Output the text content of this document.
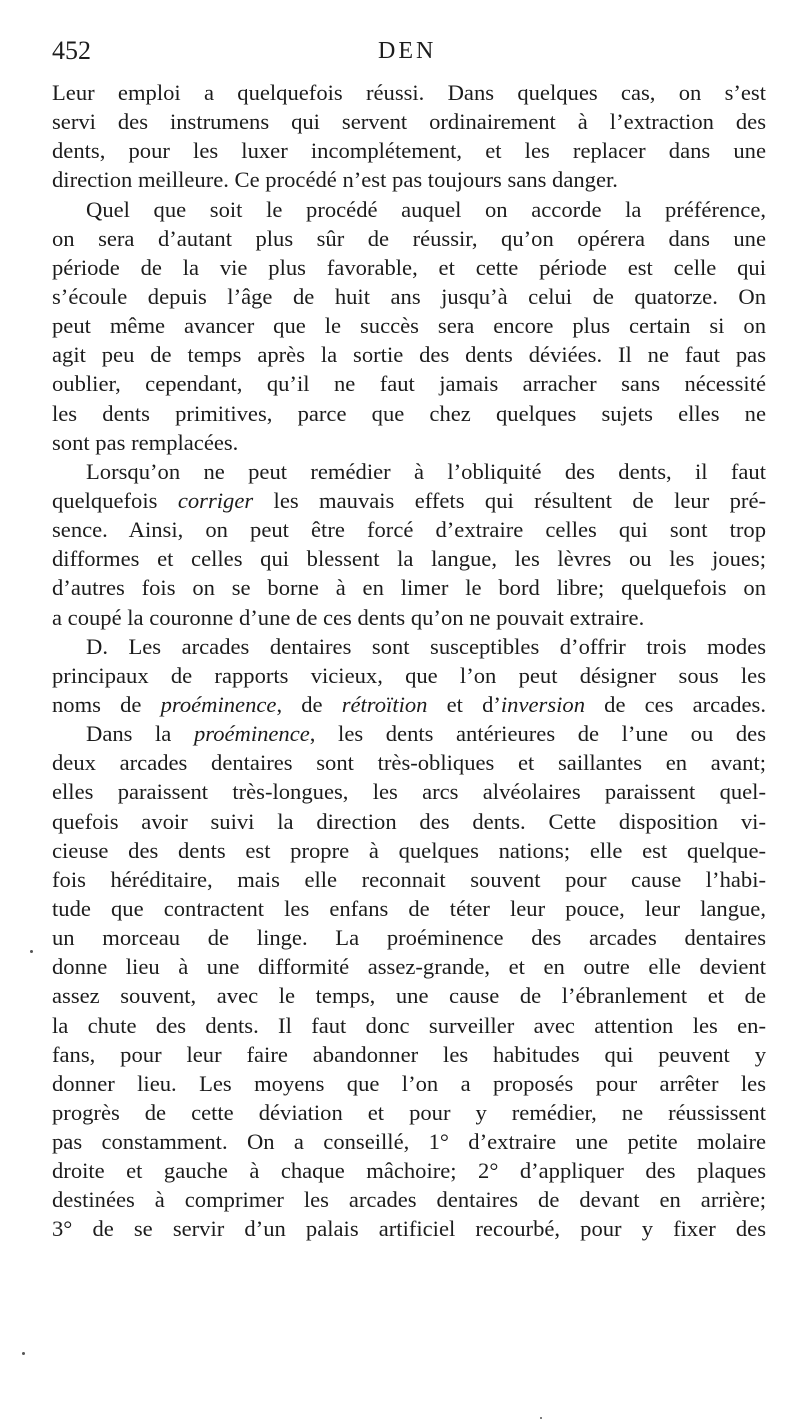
452	DEN
Leur emploi a quelquefois réussi. Dans quelques cas, on s’est
servi des instrumens qui servent ordinairement à l’extraction des
dents, pour les luxer incomplétement, et les replacer dans une
direction meilleure. Ce procédé n’est pas toujours sans danger.
Quel que soit le procédé auquel on accorde la préférence,
on sera d’autant plus sûr de réussir, qu’on opérera dans une
période de la vie plus favorable, et cette période est celle qui
s’écoule depuis l’âge de huit ans jusqu’à celui de quatorze. On
peut même avancer que le succès sera encore plus certain si on
agit peu de temps après la sortie des dents déviées. Il ne faut pas
oublier, cependant, qu’il ne faut jamais arracher sans nécessité
les dents primitives, parce que chez quelques sujets elles ne
sont pas remplacées.
Lorsqu’on ne peut remédier à l’obliquité des dents, il faut
quelquefois corriger les mauvais effets qui résultent de leur pré-
sence. Ainsi, on peut être forcé d’extraire celles qui sont trop
difformes et celles qui blessent la langue, les lèvres ou les joues;
d’autres fois on se borne à en limer le bord libre; quelquefois on
a coupé la couronne d’une de ces dents qu’on ne pouvait extraire.
D. Les arcades dentaires sont susceptibles d’offrir trois modes
principaux de rapports vicieux, que l’on peut désigner sous les
noms de proéminence, de rétroïtion et d’inversion de ces arcades.
Dans la proéminence, les dents antérieures de l’une ou des
deux arcades dentaires sont très-obliques et saillantes en avant;
elles paraissent très-longues, les arcs alvéolaires paraissent quel-
quefois avoir suivi la direction des dents. Cette disposition vi-
cieuse des dents est propre à quelques nations; elle est quelque-
fois héréditaire, mais elle reconnait souvent pour cause l’habi-
tude que contractent les enfans de téter leur pouce, leur langue,
un morceau de linge. La proéminence des arcades dentaires
donne lieu à une difformité assez-grande, et en outre elle devient
assez souvent, avec le temps, une cause de l’ébranlement et de
la chute des dents. Il faut donc surveiller avec attention les en-
fans, pour leur faire abandonner les habitudes qui peuvent y
donner lieu. Les moyens que l’on a proposés pour arrêter les
progrès de cette déviation et pour y remédier, ne réussissent
pas constamment. On a conseillé, 1° d’extraire une petite molaire
droite et gauche à chaque mâchoire; 2° d’appliquer des plaques
destinées à comprimer les arcades dentaires de devant en arrière;
3° de se servir d’un palais artificiel recourbé, pour y fixer des
